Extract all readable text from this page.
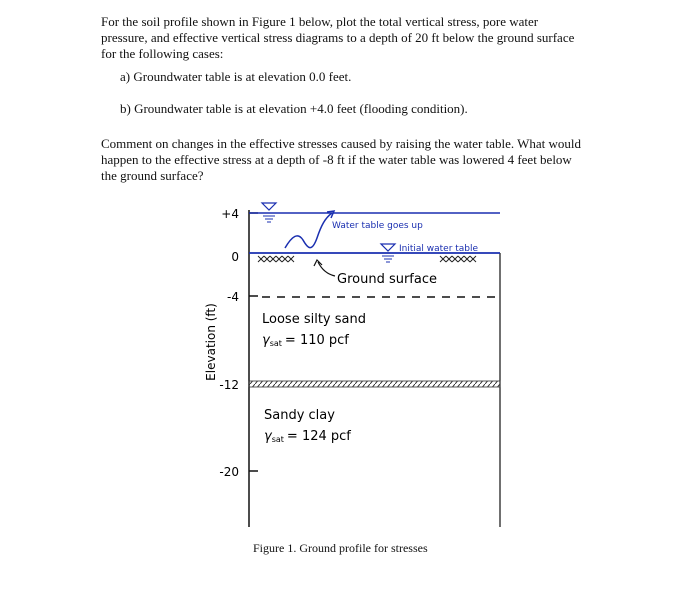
For the soil profile shown in Figure 1 below, plot the total vertical stress, pore water pressure, and effective vertical stress diagrams to a depth of 20 ft below the ground surface for the following cases:
a) Groundwater table is at elevation 0.0 feet.
b) Groundwater table is at elevation +4.0 feet (flooding condition).
Comment on changes in the effective stresses caused by raising the water table. What would happen to the effective stress at a depth of -8 ft if the water table was lowered 4 feet below the ground surface?
+4
0
-4
-12
-20
Elevation (ft)
Water table goes up
Initial water table
Ground surface
Loose silty sand
γsat = 110 pcf
Sandy clay
γsat = 124 pcf
Figure 1. Ground profile for stresses
